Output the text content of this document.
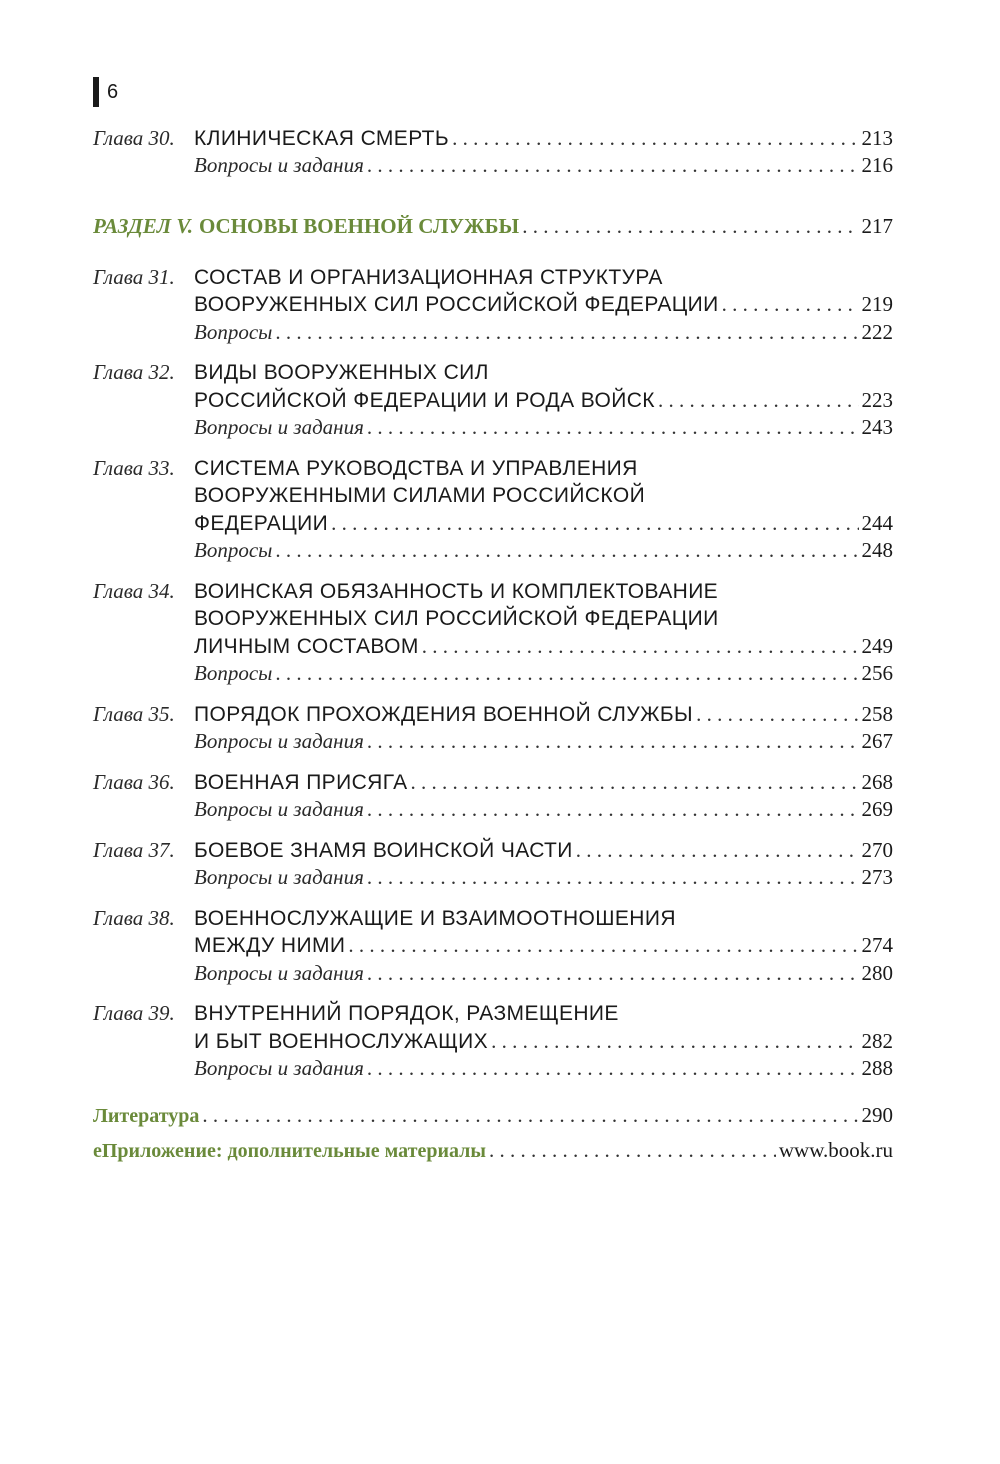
6
Глава 30. КЛИНИЧЕСКАЯ СМЕРТЬ . . .	213
Вопросы и задания . . .	216
РАЗДЕЛ V. ОСНОВЫ ВОЕННОЙ СЛУЖБЫ . . .	217
Глава 31. СОСТАВ И ОРГАНИЗАЦИОННАЯ СТРУКТУРА
ВООРУЖЕННЫХ СИЛ РОССИЙСКОЙ ФЕДЕРАЦИИ . . .	219
Вопросы . . .	222
Глава 32. ВИДЫ ВООРУЖЕННЫХ СИЛ
РОССИЙСКОЙ ФЕДЕРАЦИИ И РОДА ВОЙСК . . .	223
Вопросы и задания . . .	243
Глава 33. СИСТЕМА РУКОВОДСТВА И УПРАВЛЕНИЯ
ВООРУЖЕННЫМИ СИЛАМИ РОССИЙСКОЙ
ФЕДЕРАЦИИ . . .	244
Вопросы . . .	248
Глава 34. ВОИНСКАЯ ОБЯЗАННОСТЬ И КОМПЛЕКТОВАНИЕ
ВООРУЖЕННЫХ СИЛ РОССИЙСКОЙ ФЕДЕРАЦИИ
ЛИЧНЫМ СОСТАВОМ . . .	249
Вопросы . . .	256
Глава 35. ПОРЯДОК ПРОХОЖДЕНИЯ ВОЕННОЙ СЛУЖБЫ . . .	258
Вопросы и задания . . .	267
Глава 36. ВОЕННАЯ ПРИСЯГА . . .	268
Вопросы и задания . . .	269
Глава 37. БОЕВОЕ ЗНАМЯ ВОИНСКОЙ ЧАСТИ . . .	270
Вопросы и задания . . .	273
Глава 38. ВОЕННОСЛУЖАЩИЕ И ВЗАИМООТНОШЕНИЯ
МЕЖДУ НИМИ . . .	274
Вопросы и задания . . .	280
Глава 39. ВНУТРЕННИЙ ПОРЯДОК, РАЗМЕЩЕНИЕ
И БЫТ ВОЕННОСЛУЖАЩИХ . . .	282
Вопросы и задания . . .	288
Литература . . .	290
еПриложение: дополнительные материалы . . .	www.book.ru
